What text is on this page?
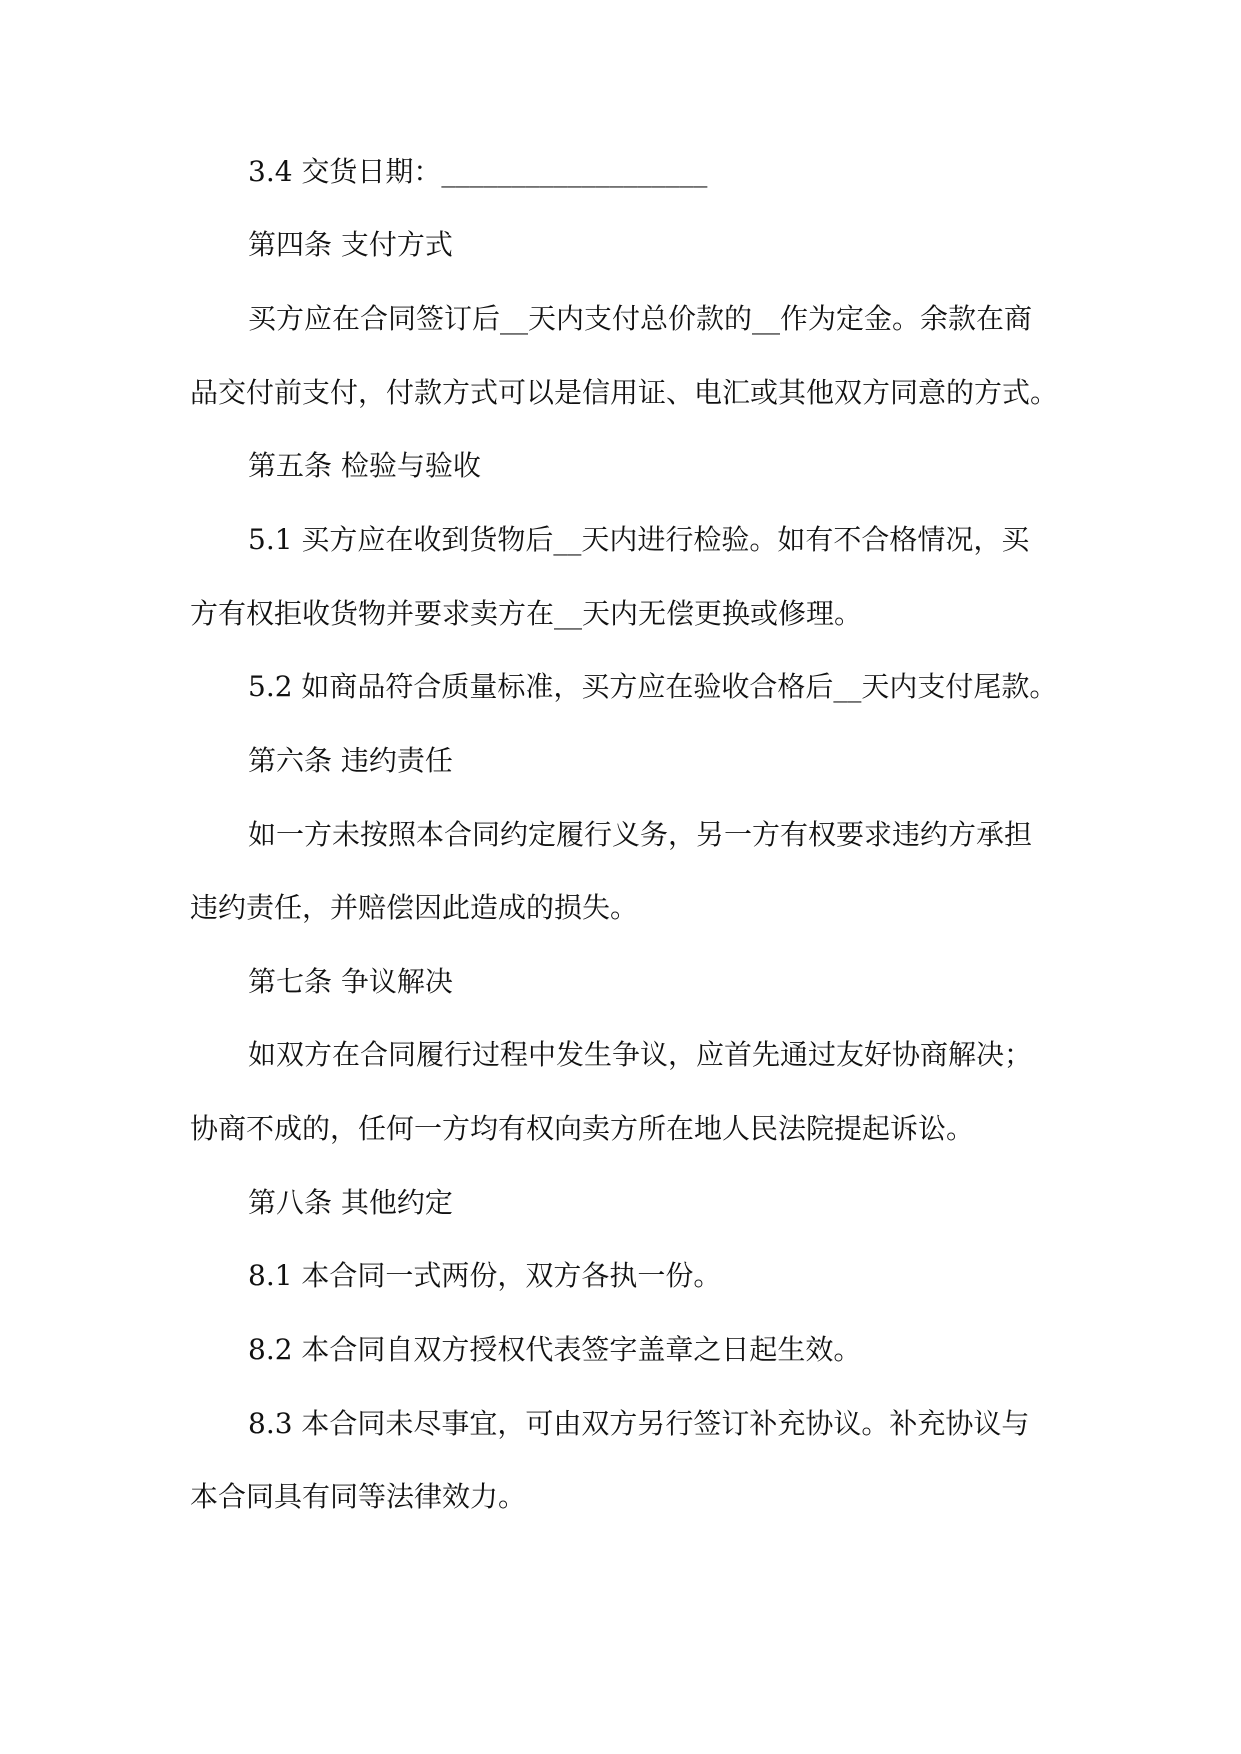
3.4 交货日期：___________________
第四条 支付方式
买方应在合同签订后__天内支付总价款的__作为定金。余款在商
品交付前支付，付款方式可以是信用证、电汇或其他双方同意的方式。
第五条 检验与验收
5.1 买方应在收到货物后__天内进行检验。如有不合格情况，买
方有权拒收货物并要求卖方在__天内无偿更换或修理。
5.2 如商品符合质量标准，买方应在验收合格后__天内支付尾款。
第六条 违约责任
如一方未按照本合同约定履行义务，另一方有权要求违约方承担
违约责任，并赔偿因此造成的损失。
第七条 争议解决
如双方在合同履行过程中发生争议，应首先通过友好协商解决；
协商不成的，任何一方均有权向卖方所在地人民法院提起诉讼。
第八条 其他约定
8.1 本合同一式两份，双方各执一份。
8.2 本合同自双方授权代表签字盖章之日起生效。
8.3 本合同未尽事宜，可由双方另行签订补充协议。补充协议与
本合同具有同等法律效力。
